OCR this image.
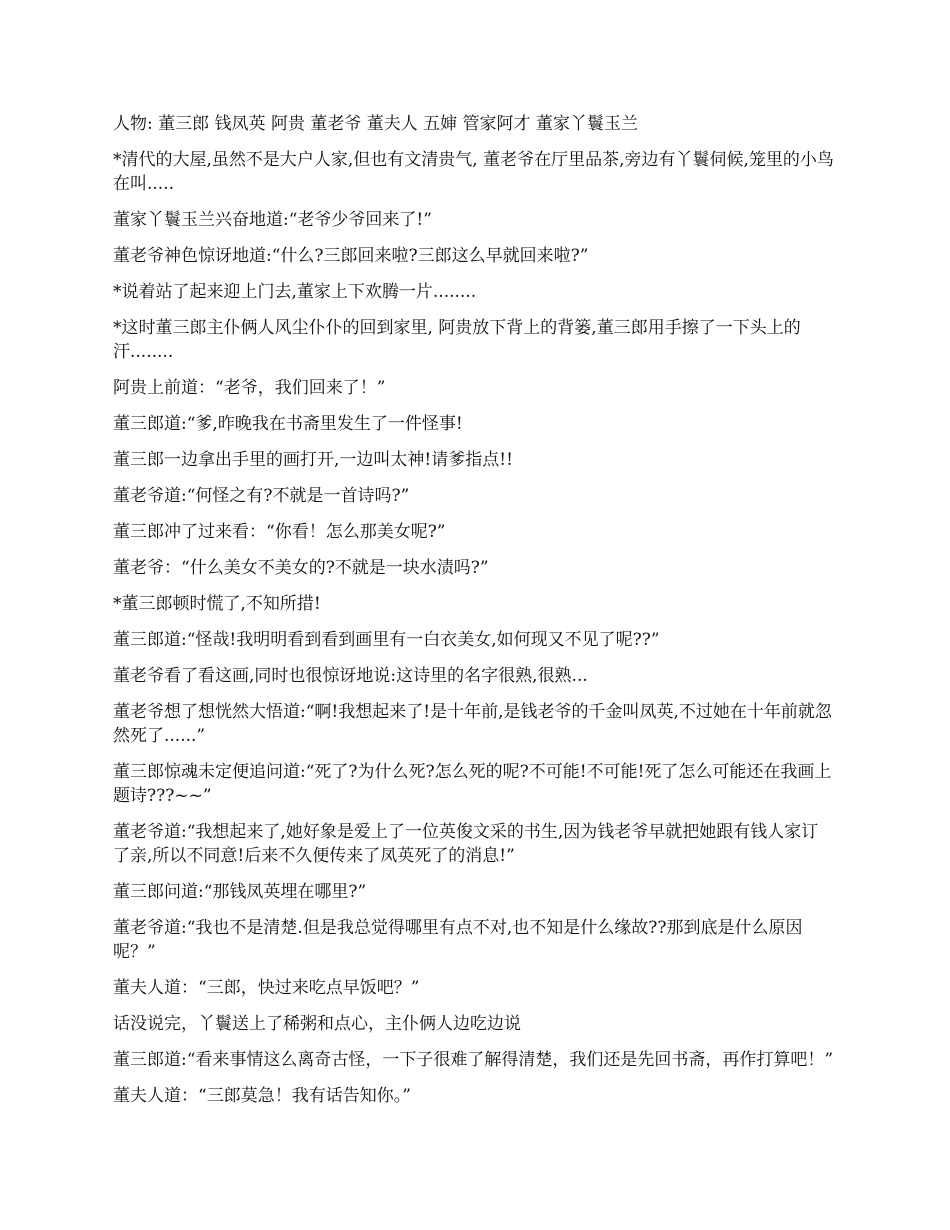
人物: 董三郎 钱凤英 阿贵 董老爷 董夫人 五婶 管家阿才 董家丫鬟玉兰

*清代的大屋,虽然不是大户人家,但也有文清贵气, 董老爷在厅里品茶,旁边有丫鬟伺候,笼里的小鸟在叫.....

董家丫鬟玉兰兴奋地道:“老爷少爷回来了!”

董老爷神色惊讶地道:“什么?三郎回来啦?三郎这么早就回来啦?”

*说着站了起来迎上门去,董家上下欢腾一片........

*这时董三郎主仆俩人风尘仆仆的回到家里, 阿贵放下背上的背篓,董三郎用手擦了一下头上的汗........

阿贵上前道：“老爷，我们回来了！”

董三郎道:“爹,昨晚我在书斋里发生了一件怪事!

董三郎一边拿出手里的画打开,一边叫太神!请爹指点!!

董老爷道:“何怪之有?不就是一首诗吗?”

董三郎冲了过来看：“你看！怎么那美女呢?”

董老爷：“什么美女不美女的?不就是一块水渍吗?”

*董三郎顿时慌了,不知所措!

董三郎道:“怪哉!我明明看到看到画里有一白衣美女,如何现又不见了呢??”

董老爷看了看这画,同时也很惊讶地说:这诗里的名字很熟,很熟...

董老爷想了想恍然大悟道:“啊!我想起来了!是十年前,是钱老爷的千金叫凤英,不过她在十年前就忽然死了......”

董三郎惊魂未定便追问道:“死了?为什么死?怎么死的呢?不可能!不可能!死了怎么可能还在我画上题诗???~~”

董老爷道:“我想起来了,她好象是爱上了一位英俊文采的书生,因为钱老爷早就把她跟有钱人家订了亲,所以不同意!后来不久便传来了凤英死了的消息!”

董三郎问道:“那钱凤英埋在哪里?”

董老爷道:“我也不是清楚.但是我总觉得哪里有点不对,也不知是什么缘故??那到底是什么原因呢？”

董夫人道：“三郎，快过来吃点早饭吧？”

话没说完，丫鬟送上了稀粥和点心，主仆俩人边吃边说

董三郎道:“看来事情这么离奇古怪，一下子很难了解得清楚，我们还是先回书斋，再作打算吧！”

董夫人道：“三郎莫急！我有话告知你。”
